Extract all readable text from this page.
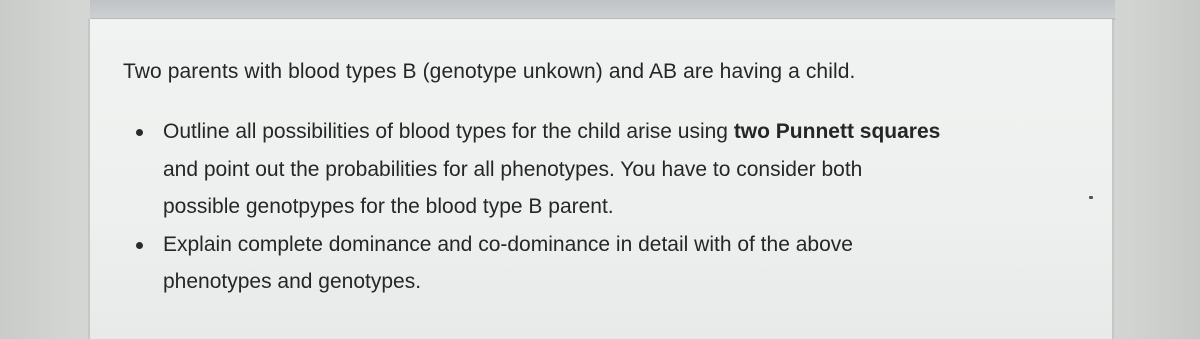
Two parents with blood types B (genotype unkown) and AB are having a child.

Outline all possibilities of blood types for the child arise using two Punnett squares
and point out the probabilities for all phenotypes. You have to consider both
possible genotpypes for the blood type B parent.
Explain complete dominance and co-dominance in detail with of the above
phenotypes and genotypes.
